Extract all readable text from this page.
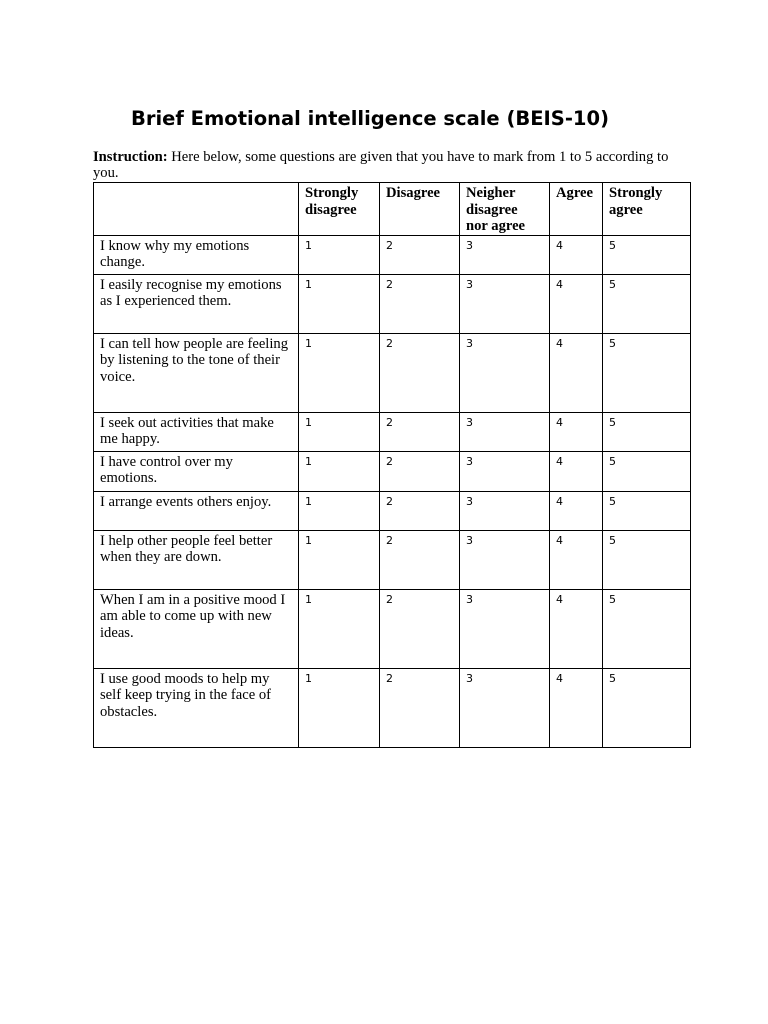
Brief Emotional intelligence scale (BEIS-10)

Instruction: Here below, some questions are given that you have to mark from 1 to 5 according to you.

	Strongly disagree	Disagree	Neigher disagree nor agree	Agree	Strongly agree
I know why my emotions change.	1	2	3	4	5
I easily recognise my emotions as I experienced them.	1	2	3	4	5
I can tell how people are feeling by listening to the tone of their voice.	1	2	3	4	5
I seek out activities that make me happy.	1	2	3	4	5
I have control over my emotions.	1	2	3	4	5
I arrange events others enjoy.	1	2	3	4	5
I help other people feel better when they are down.	1	2	3	4	5
When I am in a positive mood I am able to come up with new ideas.	1	2	3	4	5
I use good moods to help my self keep trying in the face of obstacles.	1	2	3	4	5
